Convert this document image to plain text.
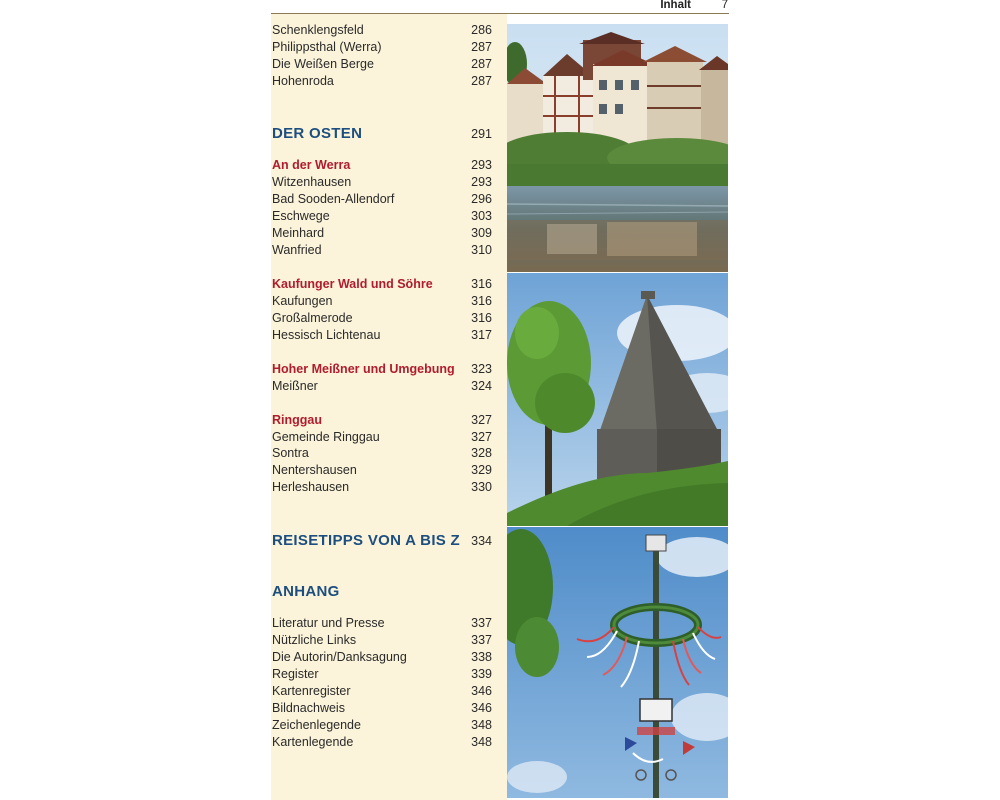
Inhalt	7
Schenklengsfeld	286
Philippsthal (Werra)	287
Die Weißen Berge	287
Hohenroda	287
DER OSTEN	291
An der Werra	293
Witzenhausen	293
Bad Sooden-Allendorf	296
Eschwege	303
Meinhard	309
Wanfried	310
Kaufunger Wald und Söhre	316
Kaufungen	316
Großalmerode	316
Hessisch Lichtenau	317
Hoher Meißner und Umgebung 323
Meißner	324
Ringgau	327
Gemeinde Ringgau	327
Sontra	328
Nentershausen	329
Herleshausen	330
REISETIPPS VON A BIS Z 334
ANHANG
Literatur und Presse	337
Nützliche Links	337
Die Autorin/Danksagung	338
Register	339
Kartenregister	346
Bildnachweis	346
Zeichenlegende	348
Kartenlegende	348
